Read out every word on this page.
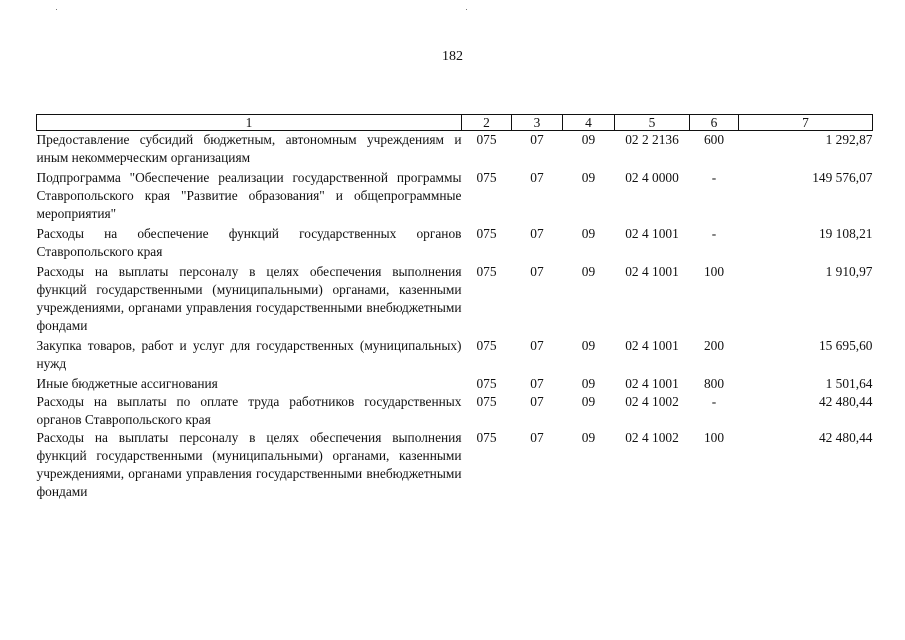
182
1	2	3	4	5	6	7
Предоставление субсидий бюджетным, автономным учреждениям и иным некоммерческим организациям	075	07	09	02 2 2136	600	1 292,87
Подпрограмма "Обеспечение реализации государственной программы Ставропольского края "Развитие образования" и общепрограммные мероприятия"	075	07	09	02 4 0000	-	149 576,07
Расходы на обеспечение функций государственных органов Ставропольского края	075	07	09	02 4 1001	-	19 108,21
Расходы на выплаты персоналу в целях обеспечения выполнения функций государственными (муниципальными) органами, казенными учреждениями, органами управления государственными внебюджетными фондами	075	07	09	02 4 1001	100	1 910,97
Закупка товаров, работ и услуг для государственных (муниципальных) нужд	075	07	09	02 4 1001	200	15 695,60
Иные бюджетные ассигнования	075	07	09	02 4 1001	800	1 501,64
Расходы на выплаты по оплате труда работников государственных органов Ставропольского края	075	07	09	02 4 1002	-	42 480,44
Расходы на выплаты персоналу в целях обеспечения выполнения функций государственными (муниципальными) органами, казенными учреждениями, органами управления государственными внебюджетными фондами	075	07	09	02 4 1002	100	42 480,44
